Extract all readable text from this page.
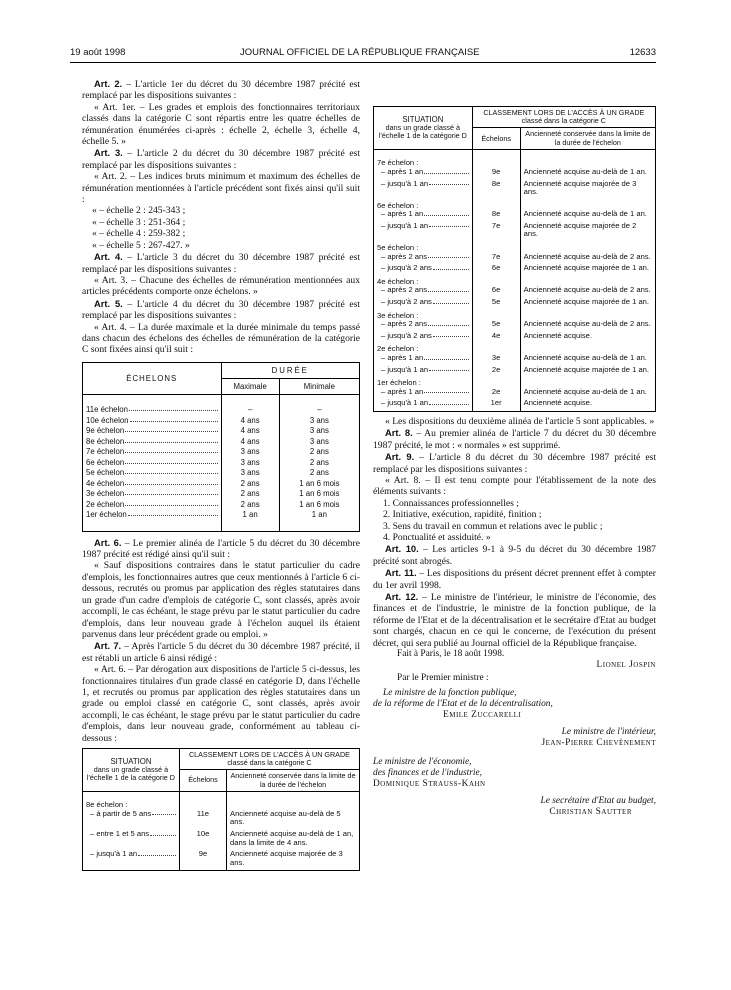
19 août 1998	JOURNAL OFFICIEL DE LA RÉPUBLIQUE FRANÇAISE	12633

Art. 2. – L'article 1er du décret du 30 décembre 1987 précité est remplacé par les dispositions suivantes :

« Art. 1er. – Les grades et emplois des fonctionnaires territoriaux classés dans la catégorie C sont répartis entre les quatre échelles de rémunération énumérées ci-après : échelle 2, échelle 3, échelle 4, échelle 5. »

Art. 3. – L'article 2 du décret du 30 décembre 1987 précité est remplacé par les dispositions suivantes :

« Art. 2. – Les indices bruts minimum et maximum des échelles de rémunération mentionnées à l'article précédent sont fixés ainsi qu'il suit :

« – échelle 2 : 245-343 ;
« – échelle 3 : 251-364 ;
« – échelle 4 : 259-382 ;
« – échelle 5 : 267-427. »

Art. 4. – L'article 3 du décret du 30 décembre 1987 précité est remplacé par les dispositions suivantes :

« Art. 3. – Chacune des échelles de rémunération mentionnées aux articles précédents comporte onze échelons. »

Art. 5. – L'article 4 du décret du 30 décembre 1987 précité est remplacé par les dispositions suivantes :

« Art. 4. – La durée maximale et la durée minimale du temps passé dans chacun des échelons des échelles de rémunération de la catégorie C sont fixées ainsi qu'il suit :

ÉCHELONS	DURÉE	
	Maximale	Minimale

11e échelon	–	–

10e échelon	4 ans	3 ans

9e échelon	4 ans	3 ans

8e échelon	4 ans	3 ans

7e échelon	3 ans	2 ans

6e échelon	3 ans	2 ans

5e échelon	3 ans	2 ans

4e échelon	2 ans	1 an 6 mois

3e échelon	2 ans	1 an 6 mois

2e échelon	2 ans	1 an 6 mois

1er échelon	1 an	1 an

Art. 6. – Le premier alinéa de l'article 5 du décret du 30 décembre 1987 précité est rédigé ainsi qu'il suit :

« Sauf dispositions contraires dans le statut particulier du cadre d'emplois, les fonctionnaires autres que ceux mentionnés à l'article 6 ci-dessous, recrutés ou promus par application des règles statutaires dans un grade d'un cadre d'emplois de catégorie C, sont classés, après avoir accompli, le cas échéant, le stage prévu par le statut particulier du cadre d'emplois, dans leur nouveau grade à l'échelon auquel ils étaient parvenus dans leur précédent grade ou emploi. »

Art. 7. – Après l'article 5 du décret du 30 décembre 1987 précité, il est rétabli un article 6 ainsi rédigé :

« Art. 6. – Par dérogation aux dispositions de l'article 5 ci-dessus, les fonctionnaires titulaires d'un grade classé en catégorie D, dans l'échelle 1, et recrutés ou promus par application des règles statutaires dans un grade ou emploi classé en catégorie C, sont classés, après avoir accompli, le cas échéant, le stage prévu par le statut particulier du cadre d'emplois, dans leur nouveau grade, conformément au tableau ci-dessous :

SITUATION
dans un grade classé à l'échelle 1 de la catégorie D	CLASSEMENT LORS DE L'ACCÈS À UN GRADE
classé dans la catégorie C	
	Échelons	Ancienneté conservée dans la limite de la durée de l'échelon

8e échelon :		

– à partir de 5 ans	11e	Ancienneté acquise au-delà de 5 ans.

– entre 1 et 5 ans	10e	Ancienneté acquise au-delà de 1 an, dans la limite de 4 ans.

– jusqu'à 1 an	9e	Ancienneté acquise majorée de 3 ans.
SITUATION
dans un grade classé à l'échelle 1 de la catégorie D	CLASSEMENT LORS DE L'ACCÈS À UN GRADE
classé dans la catégorie C	
	Échelons	Ancienneté conservée dans la limite de la durée de l'échelon

7e échelon :		

– après 1 an	9e	Ancienneté acquise au-delà de 1 an.

– jusqu'à 1 an	8e	Ancienneté acquise majorée de 3 ans.
6e échelon :		

– après 1 an	8e	Ancienneté acquise au-delà de 1 an.

– jusqu'à 1 an	7e	Ancienneté acquise majorée de 2 ans.
5e échelon :		

– après 2 ans	7e	Ancienneté acquise au-delà de 2 ans.

– jusqu'à 2 ans	6e	Ancienneté acquise majorée de 1 an.
4e échelon :		

– après 2 ans	6e	Ancienneté acquise au-delà de 2 ans.

– jusqu'à 2 ans	5e	Ancienneté acquise majorée de 1 an.
3e échelon :		

– après 2 ans	5e	Ancienneté acquise au-delà de 2 ans.

– jusqu'à 2 ans	4e	Ancienneté acquise.
2e échelon :		

– après 1 an	3e	Ancienneté acquise au-delà de 1 an.

– jusqu'à 1 an	2e	Ancienneté acquise majorée de 1 an.
1er échelon :		

– après 1 an	2e	Ancienneté acquise au-delà de 1 an.

– jusqu'à 1 an	1er	Ancienneté acquise.

« Les dispositions du deuxième alinéa de l'article 5 sont applicables. »

Art. 8. – Au premier alinéa de l'article 7 du décret du 30 décembre 1987 précité, le mot : « normales » est supprimé.

Art. 9. – L'article 8 du décret du 30 décembre 1987 précité est remplacé par les dispositions suivantes :

« Art. 8. – Il est tenu compte pour l'établissement de la note des éléments suivants :

1. Connaissances professionnelles ;
2. Initiative, exécution, rapidité, finition ;
3. Sens du travail en commun et relations avec le public ;
4. Ponctualité et assiduité. »

Art. 10. – Les articles 9-1 à 9-5 du décret du 30 décembre 1987 précité sont abrogés.

Art. 11. – Les dispositions du présent décret prennent effet à compter du 1er avril 1998.

Art. 12. – Le ministre de l'intérieur, le ministre de l'économie, des finances et de l'industrie, le ministre de la fonction publique, de la réforme de l'Etat et de la décentralisation et le secrétaire d'Etat au budget sont chargés, chacun en ce qui le concerne, de l'exécution du présent décret, qui sera publié au Journal officiel de la République française.

Fait à Paris, le 18 août 1998.
Lionel Jospin
Par le Premier ministre :
Le ministre de la fonction publique,
de la réforme de l'Etat et de la décentralisation,
Emile Zuccarelli
Le ministre de l'intérieur,
Jean-Pierre Chevènement
Le ministre de l'économie,
des finances et de l'industrie,
Dominique Strauss-Kahn
Le secrétaire d'Etat au budget,
Christian Sautter
